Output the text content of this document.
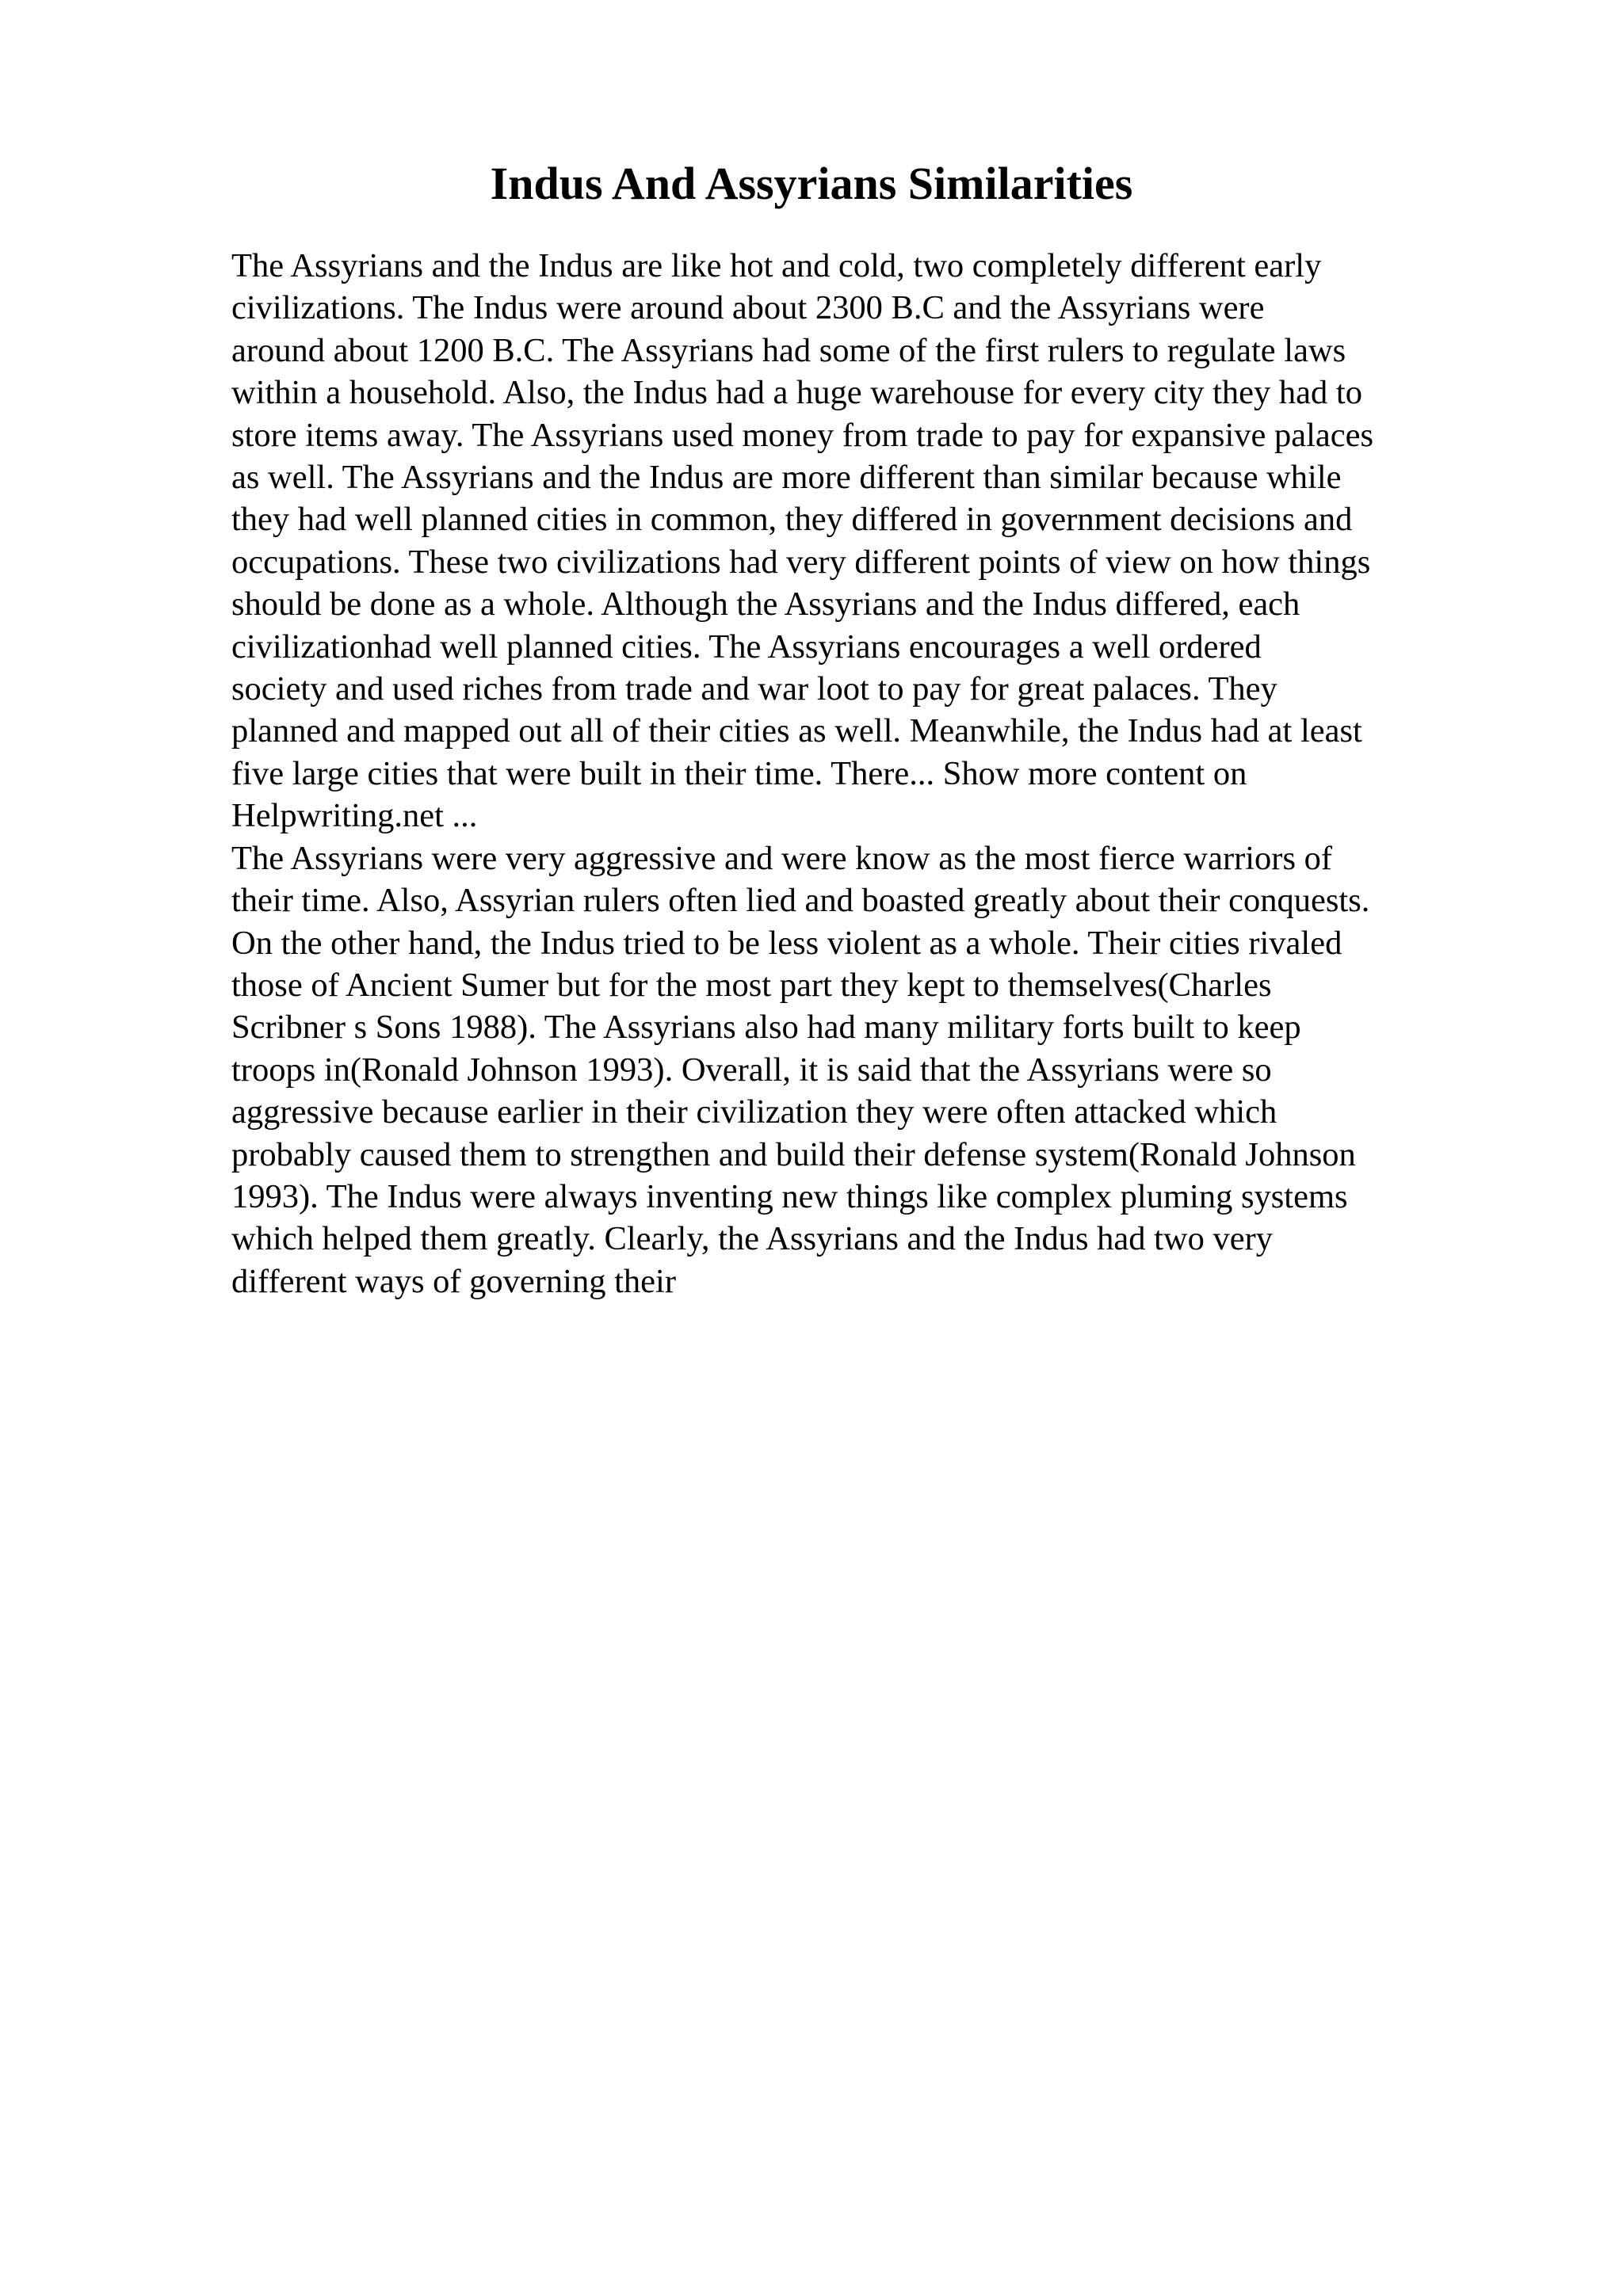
Indus And Assyrians Similarities
The Assyrians and the Indus are like hot and cold, two completely different early
civilizations. The Indus were around about 2300 B.C and the Assyrians were
around about 1200 B.C. The Assyrians had some of the first rulers to regulate laws
within a household. Also, the Indus had a huge warehouse for every city they had to
store items away. The Assyrians used money from trade to pay for expansive palaces
as well. The Assyrians and the Indus are more different than similar because while
they had well planned cities in common, they differed in government decisions and
occupations. These two civilizations had very different points of view on how things
should be done as a whole. Although the Assyrians and the Indus differed, each
civilizationhad well planned cities. The Assyrians encourages a well ordered
society and used riches from trade and war loot to pay for great palaces. They
planned and mapped out all of their cities as well. Meanwhile, the Indus had at least
five large cities that were built in their time. There... Show more content on
Helpwriting.net ...
The Assyrians were very aggressive and were know as the most fierce warriors of
their time. Also, Assyrian rulers often lied and boasted greatly about their conquests.
On the other hand, the Indus tried to be less violent as a whole. Their cities rivaled
those of Ancient Sumer but for the most part they kept to themselves(Charles
Scribner s Sons 1988). The Assyrians also had many military forts built to keep
troops in(Ronald Johnson 1993). Overall, it is said that the Assyrians were so
aggressive because earlier in their civilization they were often attacked which
probably caused them to strengthen and build their defense system(Ronald Johnson
1993). The Indus were always inventing new things like complex pluming systems
which helped them greatly. Clearly, the Assyrians and the Indus had two very
different ways of governing their
